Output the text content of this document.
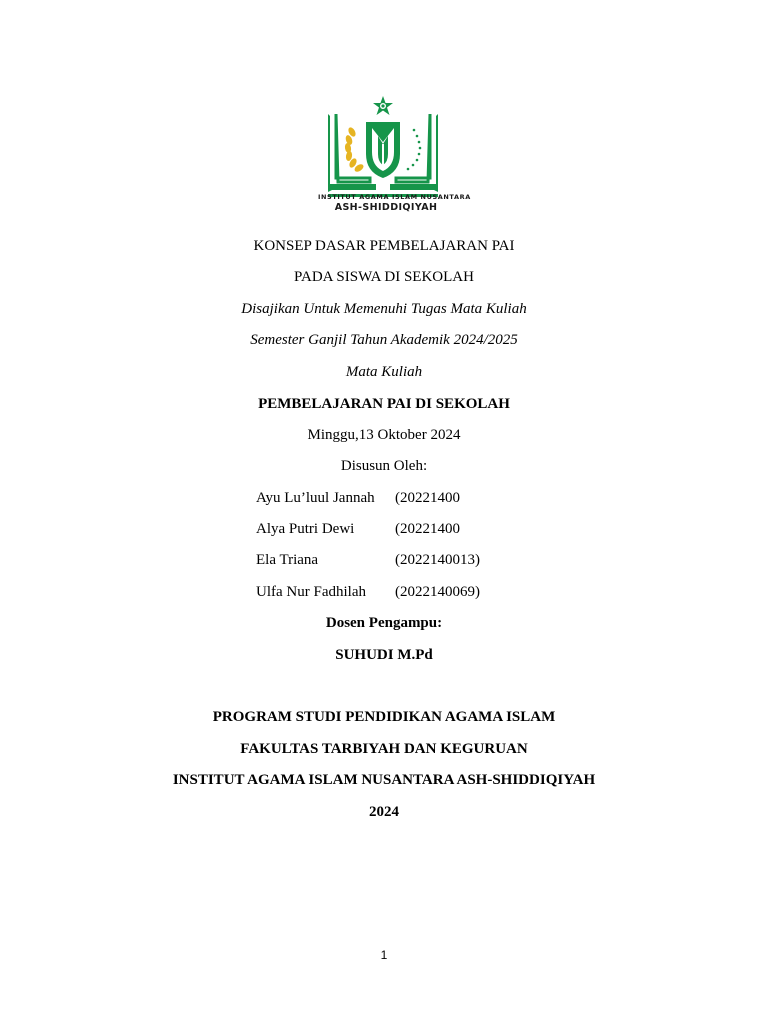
INSTITUT AGAMA ISLAM NUSANTARA
ASH-SHIDDIQIYAH
KONSEP DASAR PEMBELAJARAN PAI
PADA SISWA DI SEKOLAH
Disajikan Untuk Memenuhi Tugas Mata Kuliah
Semester Ganjil Tahun Akademik 2024/2025
Mata Kuliah
PEMBELAJARAN PAI DI SEKOLAH
Minggu,13 Oktober 2024
Disusun Oleh:
Ayu Lu’luul Jannah (20221400
Alya Putri Dewi	(20221400
Ela Triana	(2022140013)
Ulfa Nur Fadhilah (2022140069)
Dosen Pengampu:
SUHUDI M.Pd
PROGRAM STUDI PENDIDIKAN AGAMA ISLAM
FAKULTAS TARBIYAH DAN KEGURUAN
INSTITUT AGAMA ISLAM NUSANTARA ASH-SHIDDIQIYAH
2024
1
